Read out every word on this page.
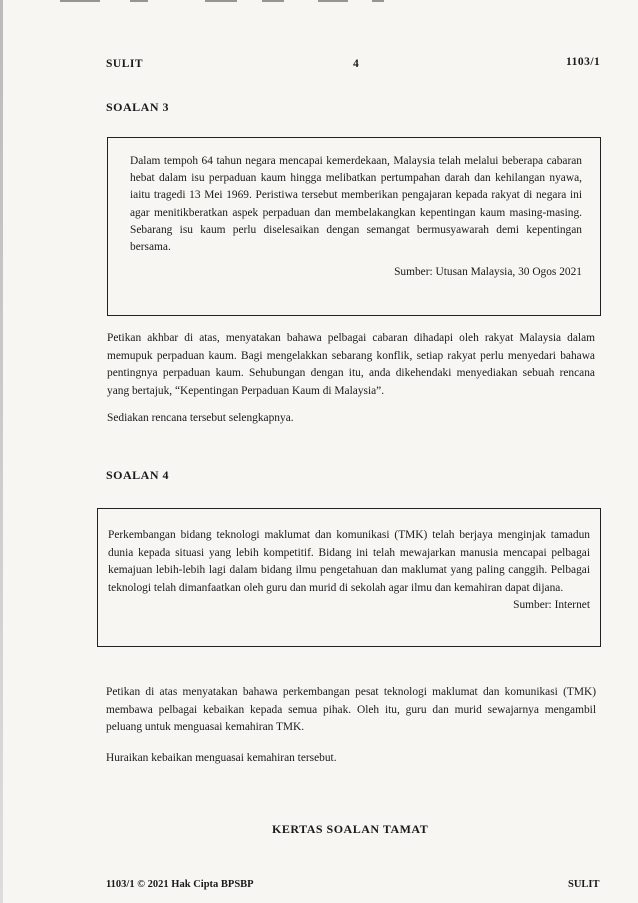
SULIT	4	1103/1
SOALAN 3

Dalam tempoh 64 tahun negara mencapai kemerdekaan, Malaysia telah melalui beberapa cabaran hebat dalam isu perpaduan kaum hingga melibatkan pertumpahan darah dan kehilangan nyawa, iaitu tragedi 13 Mei 1969. Peristiwa tersebut memberikan pengajaran kepada rakyat di negara ini agar menitikberatkan aspek perpaduan dan membelakangkan kepentingan kaum masing-masing. Sebarang isu kaum perlu diselesaikan dengan semangat bermusyawarah demi kepentingan bersama.

Sumber: Utusan Malaysia, 30 Ogos 2021

Petikan akhbar di atas, menyatakan bahawa pelbagai cabaran dihadapi oleh rakyat Malaysia dalam memupuk perpaduan kaum. Bagi mengelakkan sebarang konflik, setiap rakyat perlu menyedari bahawa pentingnya perpaduan kaum. Sehubungan dengan itu, anda dikehendaki menyediakan sebuah rencana yang bertajuk, “Kepentingan Perpaduan Kaum di Malaysia”.

Sediakan rencana tersebut selengkapnya.

SOALAN 4

Perkembangan bidang teknologi maklumat dan komunikasi (TMK) telah berjaya menginjak tamadun dunia kepada situasi yang lebih kompetitif. Bidang ini telah mewajarkan manusia mencapai pelbagai kemajuan lebih-lebih lagi dalam bidang ilmu pengetahuan dan maklumat yang paling canggih. Pelbagai teknologi telah dimanfaatkan oleh guru dan murid di sekolah agar ilmu dan kemahiran dapat dijana.

Sumber: Internet

Petikan di atas menyatakan bahawa perkembangan pesat teknologi maklumat dan komunikasi (TMK) membawa pelbagai kebaikan kepada semua pihak. Oleh itu, guru dan murid sewajarnya mengambil peluang untuk menguasai kemahiran TMK.

Huraikan kebaikan menguasai kemahiran tersebut.

KERTAS SOALAN TAMAT
1103/1 © 2021 Hak Cipta BPSBP	SULIT
